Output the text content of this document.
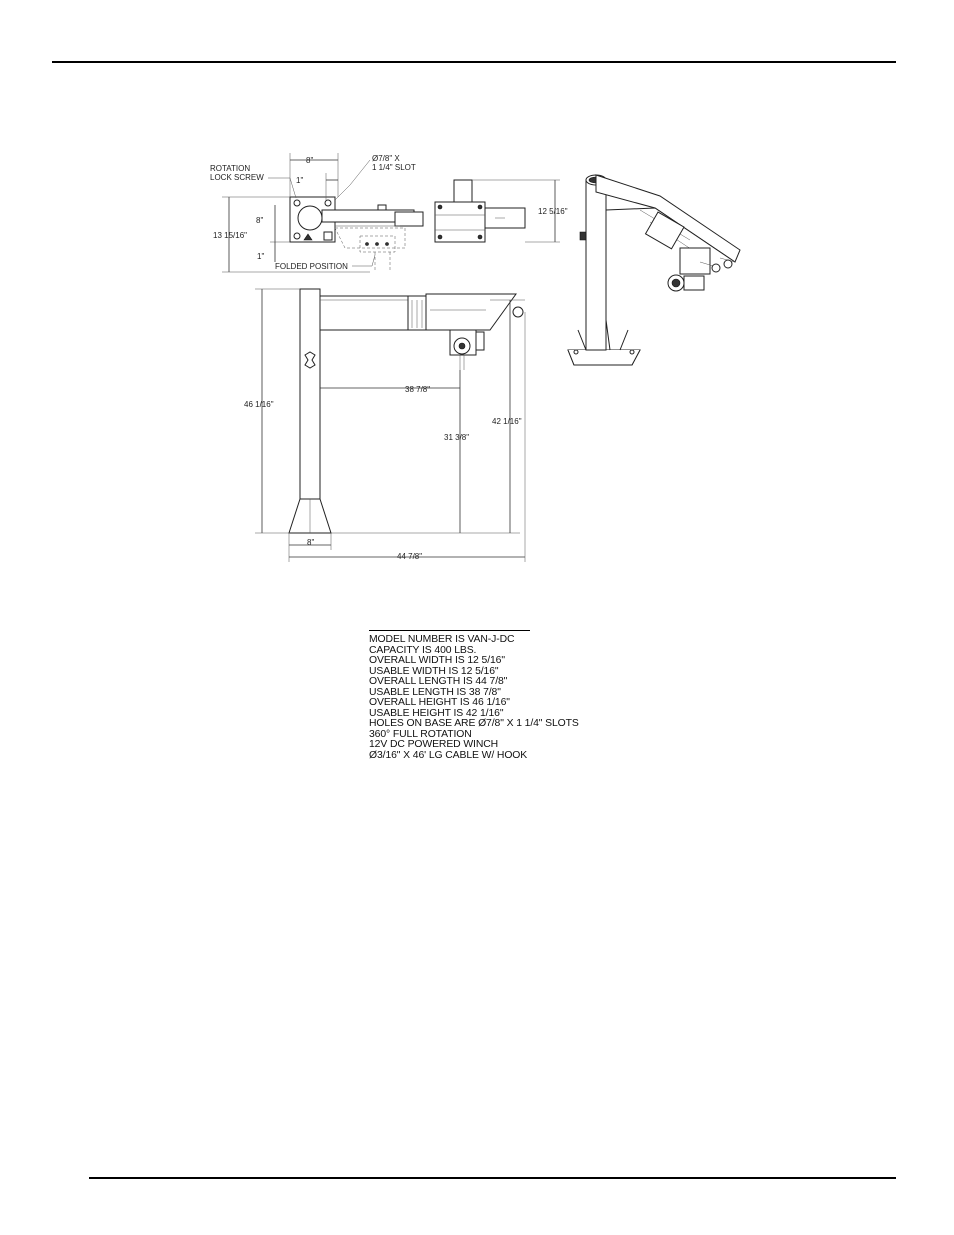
ROTATION
LOCK SCREW
8"
1"
Ø7/8" X
1 1/4" SLOT
8"
13 15/16"
1"
FOLDED POSITION
12 5/16"
46 1/16"
38 7/8"
31 3/8"
42 1/16"
8"
44 7/8"
MODEL NUMBER IS VAN-J-DC
CAPACITY IS 400 LBS.
OVERALL WIDTH IS 12 5/16"
USABLE WIDTH IS 12 5/16"
OVERALL LENGTH IS 44 7/8"
USABLE LENGTH IS 38 7/8"
OVERALL HEIGHT IS 46 1/16"
USABLE HEIGHT IS 42 1/16"
HOLES ON BASE ARE Ø7/8" X 1 1/4" SLOTS
360° FULL ROTATION
12V DC POWERED WINCH
Ø3/16" X 46' LG CABLE W/ HOOK
